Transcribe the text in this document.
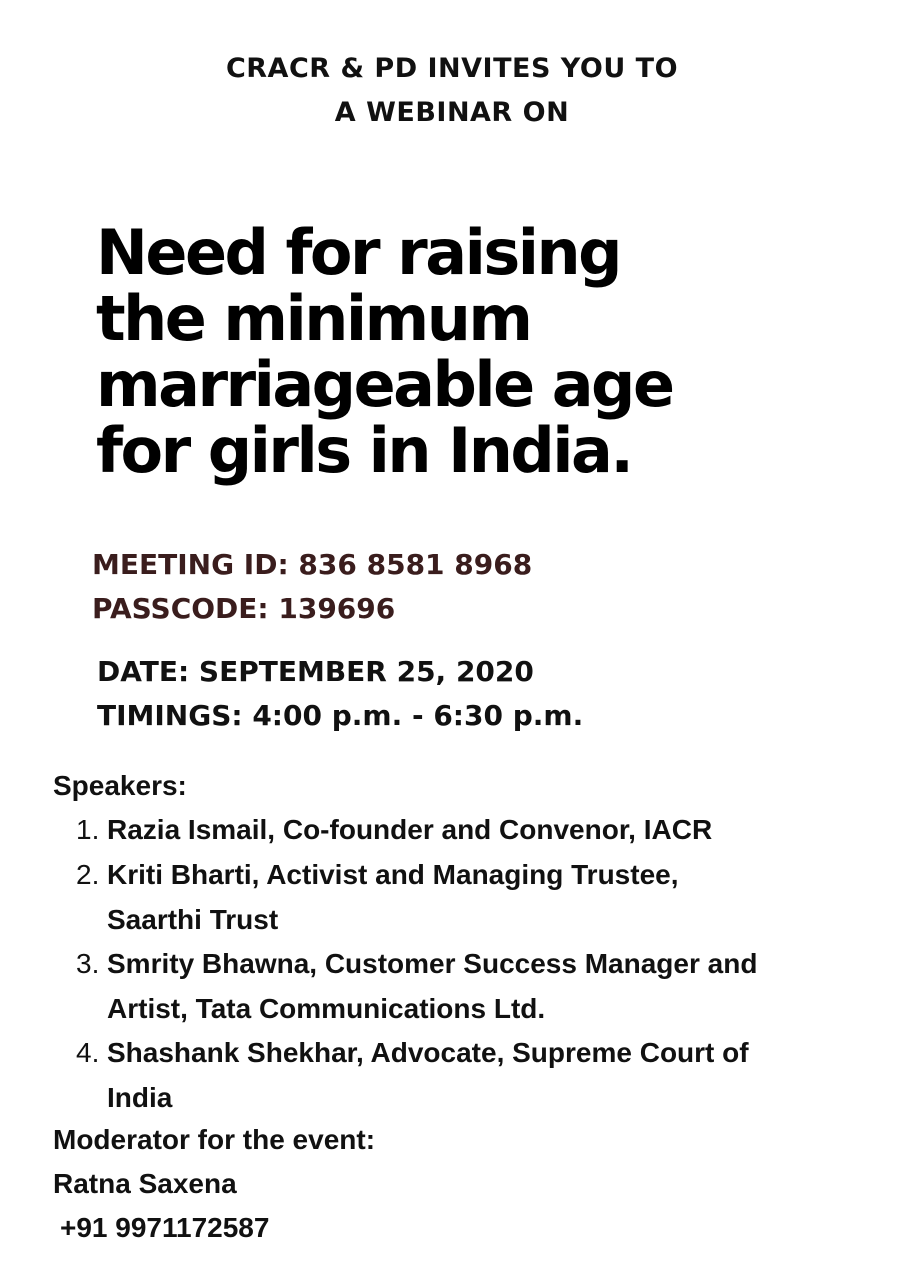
CRACR & PD INVITES YOU TO
A WEBINAR ON
Need for raising
the minimum
marriageable age
for girls in India.
MEETING ID: 836 8581 8968
PASSCODE: 139696
DATE: SEPTEMBER 25, 2020
TIMINGS: 4:00 p.m. - 6:30 p.m.
Speakers:
1. Razia Ismail, Co-founder and Convenor, IACR
2. Kriti Bharti, Activist and Managing Trustee, Saarthi Trust
3. Smrity Bhawna, Customer Success Manager and Artist, Tata Communications Ltd.
4. Shashank Shekhar, Advocate, Supreme Court of India
Moderator for the event:
Ratna Saxena
+91 9971172587
